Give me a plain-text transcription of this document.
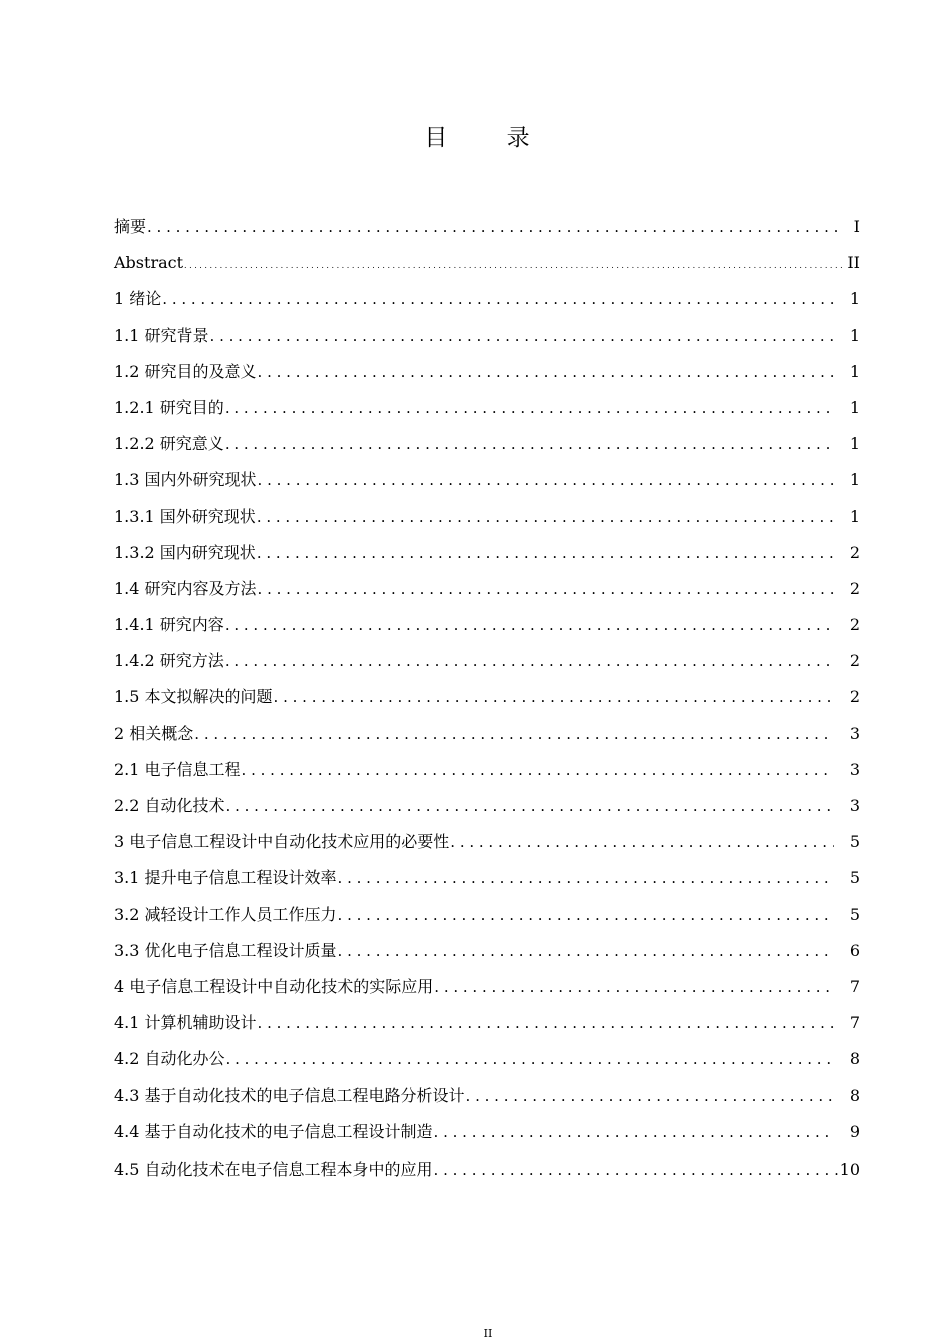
目 录
摘要 . . .	I
Abstract . . .	II
1 绪论 . . .	1
1.1 研究背景 . . .	1
1.2 研究目的及意义 . . .	1
1.2.1 研究目的 . . .	1
1.2.2 研究意义 . . .	1
1.3 国内外研究现状 . . .	1
1.3.1 国外研究现状 . . .	1
1.3.2 国内研究现状 . . .	2
1.4 研究内容及方法 . . .	2
1.4.1 研究内容 . . .	2
1.4.2 研究方法 . . .	2
1.5 本文拟解决的问题 . . .	2
2 相关概念 . . .	3
2.1 电子信息工程 . . .	3
2.2 自动化技术 . . .	3
3 电子信息工程设计中自动化技术应用的必要性 . . .	5
3.1 提升电子信息工程设计效率 . . .	5
3.2 减轻设计工作人员工作压力 . . .	5
3.3 优化电子信息工程设计质量 . . .	6
4 电子信息工程设计中自动化技术的实际应用 . . .	7
4.1 计算机辅助设计 . . .	7
4.2 自动化办公 . . .	8
4.3 基于自动化技术的电子信息工程电路分析设计 . . .	8
4.4 基于自动化技术的电子信息工程设计制造 . . .	9
4.5 自动化技术在电子信息工程本身中的应用 . . .	10
II
